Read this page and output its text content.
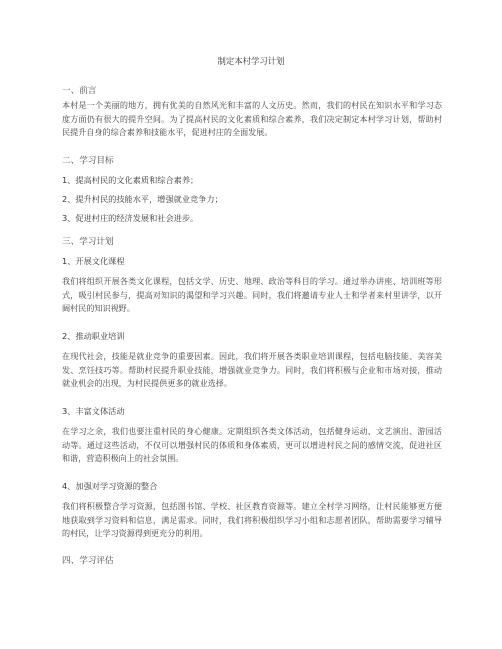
制定本村学习计划
一、前言
本村是一个美丽的地方，拥有优美的自然风光和丰富的人文历史。然而，我们的村民在知识水平和学习态度方面仍有很大的提升空间。为了提高村民的文化素质和综合素养，我们决定制定本村学习计划，帮助村民提升自身的综合素养和技能水平，促进村庄的全面发展。
二、学习目标
1、提高村民的文化素质和综合素养；
2、提升村民的技能水平，增强就业竞争力；
3、促进村庄的经济发展和社会进步。
三、学习计划
1、开展文化课程
我们将组织开展各类文化课程，包括文学、历史、地理、政治等科目的学习。通过举办讲座、培训班等形式，吸引村民参与，提高对知识的渴望和学习兴趣。同时，我们将邀请专业人士和学者来村里讲学，以开阔村民的知识视野。
2、推动职业培训
在现代社会，技能是就业竞争的重要因素。因此，我们将开展各类职业培训课程，包括电脑技能、美容美发、烹饪技巧等。帮助村民提升职业技能，增强就业竞争力。同时，我们将积极与企业和市场对接，推动就业机会的出现，为村民提供更多的就业选择。
3、丰富文体活动
在学习之余，我们也要注重村民的身心健康。定期组织各类文体活动，包括健身运动、文艺演出、游园活动等。通过这些活动，不仅可以增强村民的体质和身体素质，更可以增进村民之间的感情交流，促进社区和谐，营造积极向上的社会氛围。
4、加强对学习资源的整合
我们将积极整合学习资源，包括图书馆、学校、社区教育资源等。建立全村学习网络，让村民能够更方便地获取到学习资料和信息，满足需求。同时，我们将积极组织学习小组和志愿者团队，帮助需要学习辅导的村民，让学习资源得到更充分的利用。
四、学习评估
